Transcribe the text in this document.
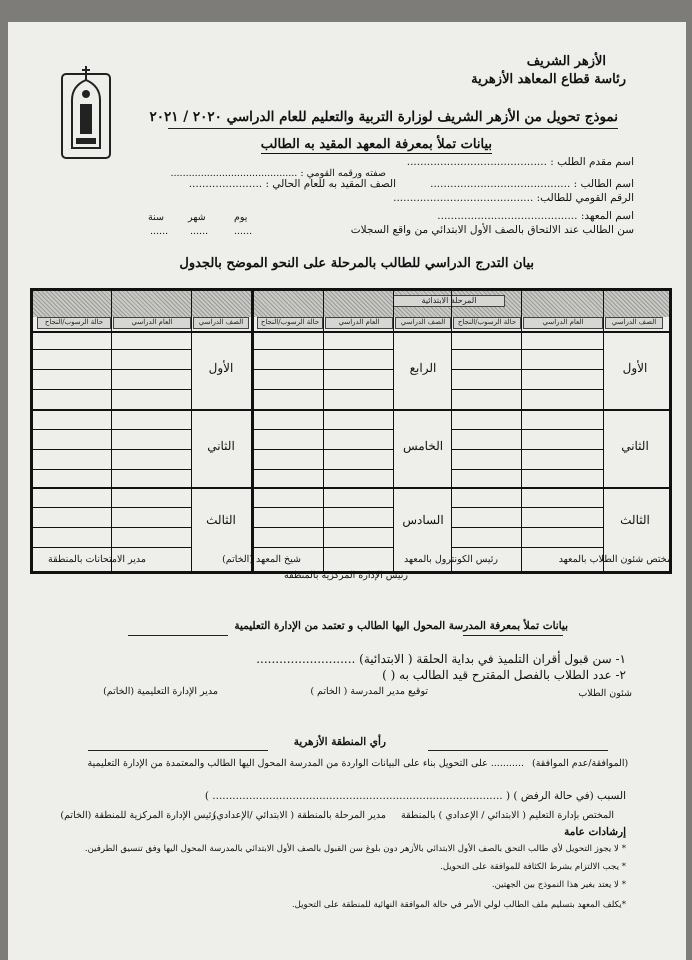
الأزهر الشريف
رئاسة قطاع المعاهد الأزهرية
نموذج تحويل من الأزهر الشريف لوزارة التربية والتعليم للعام الدراسي ٢٠٢٠ / ٢٠٢١
بيانات تملأ بمعرفة المعهد المقيد به الطالب
اسم مقدم الطلب : ..........................................
صفته ورقمه القومي : ..........................................
اسم الطالب : ..........................................
الصف المقيد به للعام الحالي : ......................
الرقم القومي للطالب: ..........................................
اسم المعهد: ..........................................
سن الطالب عند الالتحاق بالصف الأول الابتدائي من واقع السجلات
يوم
شهر
سنة
......
......
......
بيان التدرج الدراسي للطالب بالمرحلة على النحو الموضح بالجدول
المرحلة الابتدائية
الصف الدراسي
العام الدراسي
حالة الرسوب/النجاح
الصف الدراسي
العام الدراسي
حالة الرسوب/النجاح
الصف الدراسي
العام الدراسي
حالة الرسوب/النجاح
الأول
الثاني
الثالث
الرابع
الخامس
السادس
الأول
الثاني
الثالث
مختص شئون الطلاب بالمعهد
رئيس الكونترول بالمعهد
شيخ المعهد (الخاتم)
مدير الامتحانات بالمنطقة
رئيس الإدارة المركزية بالمنطقة
بيانات تملأ بمعرفة المدرسة المحول اليها الطالب و تعتمد من الإدارة التعليمية
١- سن قبول أقران التلميذ في بداية الحلقة ( الابتدائية) ..........................
٢- عدد الطلاب بالفصل المقترح قيد الطالب به ( )
شئون الطلاب
توقيع مدير المدرسة ( الخاتم )
مدير الإدارة التعليمية (الخاتم)
رأي المنطقة الأزهرية
........... على التحويل بناء على البيانات الواردة من المدرسة المحول اليها الطالب والمعتمدة من الإدارة التعليمية (الموافقة/عدم الموافقة)
السبب (في حالة الرفض ) ( ....................................................................................... )
المختص بإدارة التعليم ( الابتدائي / الإعدادي ) بالمنطقة
مدير المرحلة بالمنطقة ( الابتدائي /الإعدادي)
رئيس الإدارة المركزية للمنطقة (الخاتم)
إرشادات عامة
* لا يجوز التحويل لأي طالب التحق بالصف الأول الابتدائي بالأزهر دون بلوغ سن القبول بالصف الأول الابتدائي بالمدرسة المحول اليها وفق تنسيق الطرفين.
* يجب الالتزام بشرط الكثافة للموافقة على التحويل.
* لا يعتد بغير هذا النموذج بين الجهتين.
*يكلف المعهد بتسليم ملف الطالب لولي الأمر في حالة الموافقة النهائية للمنطقة على التحويل.
